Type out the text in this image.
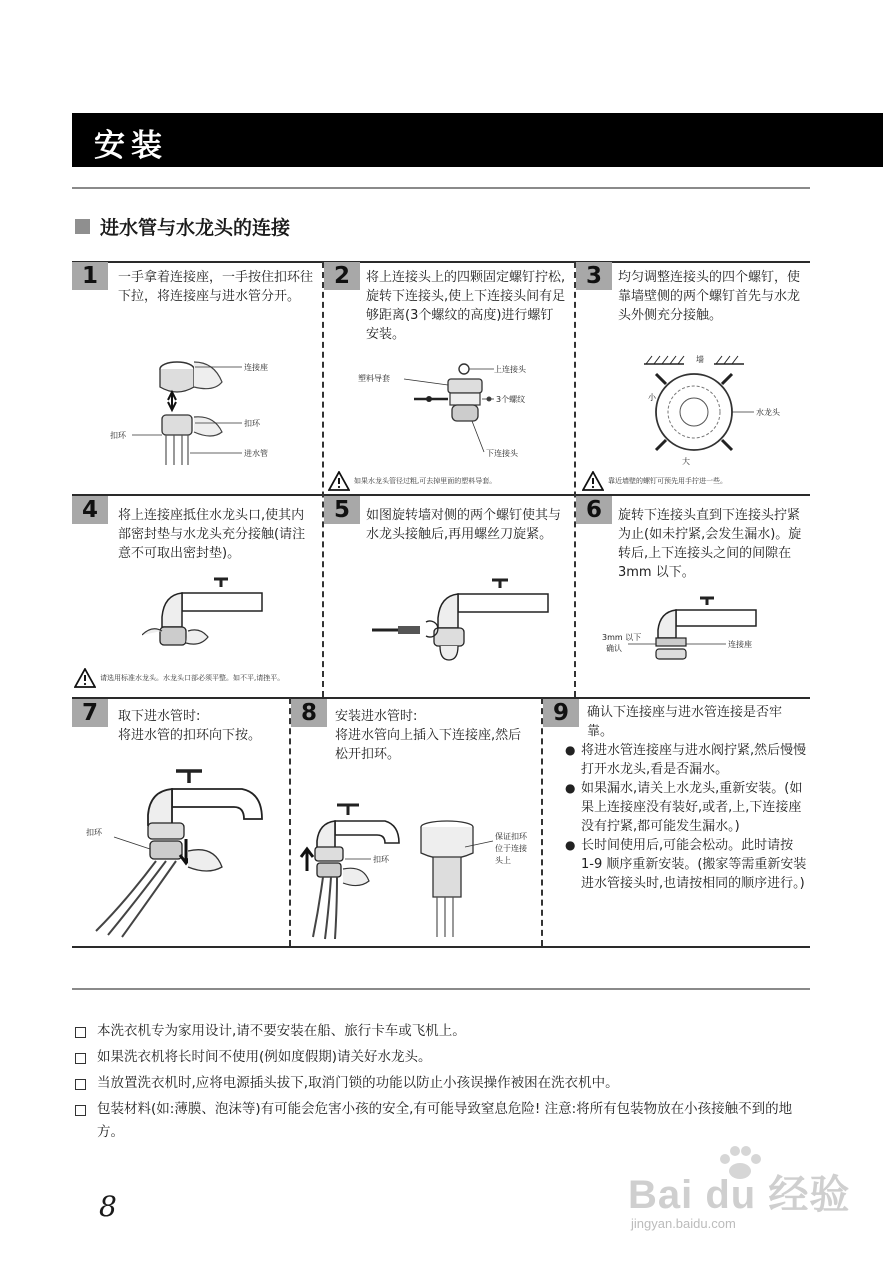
安装
进水管与水龙头的连接
1	一手拿着连接座，一手按住扣环往下拉，将连接座与进水管分开。
连接座
扣环
扣环
进水管
2	将上连接头上的四颗固定螺钉拧松,旋转下连接头,使上下连接头间有足够距离(3个螺纹的高度)进行螺钉安装。
塑料导套
上连接头
3个螺纹
下连接头
如果水龙头管径过粗,可去掉里面的塑料导套。
3	均匀调整连接头的四个螺钉，使靠墙壁侧的两个螺钉首先与水龙头外侧充分接触。
墙
小
大
水龙头
靠近墙壁的螺钉可预先用手拧进一些。
4	将上连接座抵住水龙头口,使其内部密封垫与水龙头充分接触(请注意不可取出密封垫)。
请选用标准水龙头。水龙头口部必须平整。如不平,请挫平。
5	如图旋转墙对侧的两个螺钉使其与水龙头接触后,再用螺丝刀旋紧。
6	旋转下连接头直到下连接头拧紧为止(如未拧紧,会发生漏水)。旋转后,上下连接头之间的间隙在 3mm 以下。
3mm 以下
确认	连接座
7	取下进水管时:
将进水管的扣环向下按。
扣环
8	安装进水管时:
将进水管向上插入下连接座,然后松开扣环。
扣环
保证扣环
位于连接
头上
9	确认下连接座与进水管连接是否牢靠。
● 将进水管连接座与进水阀拧紧,然后慢慢打开水龙头,看是否漏水。
● 如果漏水,请关上水龙头,重新安装。(如果上连接座没有装好,或者,上,下连接座没有拧紧,都可能发生漏水。)
● 长时间使用后,可能会松动。此时请按 1-9 顺序重新安装。(搬家等需重新安装进水管接头时,也请按相同的顺序进行。)
本洗衣机专为家用设计,请不要安装在船、旅行卡车或飞机上。
如果洗衣机将长时间不使用(例如度假期)请关好水龙头。
当放置洗衣机时,应将电源插头拔下,取消门锁的功能以防止小孩误操作被困在洗衣机中。
包装材料(如:薄膜、泡沫等)有可能会危害小孩的安全,有可能导致窒息危险! 注意:将所有包装物放在小孩接触不到的地方。
8	Bai du 经验
jingyan.baidu.com
